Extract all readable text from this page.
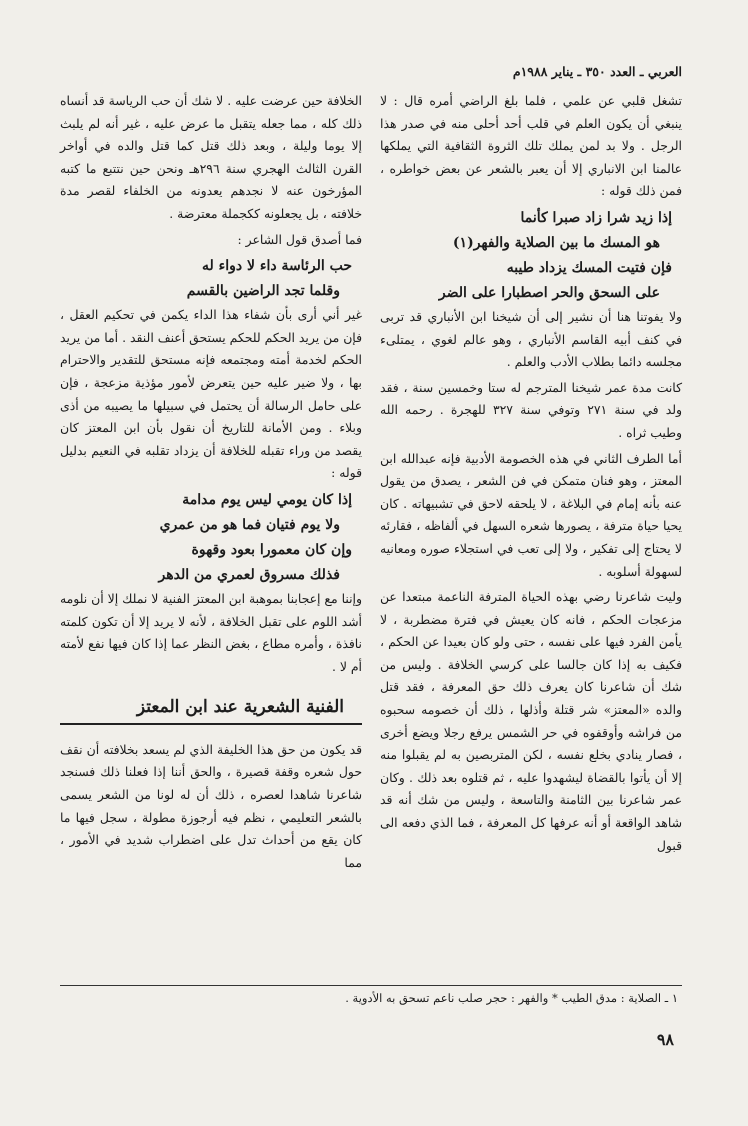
العربي ـ العدد ٣٥٠ ـ يناير ١٩٨٨م

تشغل قلبي عن علمي ، فلما بلغ الراضي أمره قال : لا ينبغي أن يكون العلم في قلب أحد أحلى منه في صدر هذا الرجل . ولا بد لمن يملك تلك الثروة الثقافية التي يملكها عالمنا ابن الانباري إلا أن يعبر بالشعر عن بعض خواطره ، فمن ذلك قوله :

إذا زيد شرا زاد صبرا كأنما
هو المسك ما بين الصلاية والفهر(١)
فإن فتيت المسك يزداد طيبه
على السحق والحر اصطبارا على الضر

ولا يفوتنا هنا أن نشير إلى أن شيخنا ابن الأنباري قد تربى في كنف أبيه القاسم الأنباري ، وهو عالم لغوي ، يمتلىء مجلسه دائما بطلاب الأدب والعلم .

كانت مدة عمر شيخنا المترجم له ستا وخمسين سنة ، فقد ولد في سنة ٢٧١ وتوفي سنة ٣٢٧ للهجرة . رحمه الله وطيب ثراه .

أما الطرف الثاني في هذه الخصومة الأدبية فإنه عبدالله ابن المعتز ، وهو فنان متمكن في فن الشعر ، يصدق من يقول عنه بأنه إمام في البلاغة ، لا يلحقه لاحق في تشبيهاته . كان يحيا حياة مترفة ، يصورها شعره السهل في ألفاظه ، فقارئه لا يحتاج إلى تفكير ، ولا إلى تعب في استجلاء صوره ومعانيه لسهولة أسلوبه .

وليت شاعرنا رضي بهذه الحياة المترفة الناعمة مبتعدا عن مزعجات الحكم ، فانه كان يعيش في فترة مضطربة ، لا يأمن الفرد فيها على نفسه ، حتى ولو كان بعيدا عن الحكم ، فكيف به إذا كان جالسا على كرسي الخلافة . وليس من شك أن شاعرنا كان يعرف ذلك حق المعرفة ، فقد قتل والده «المعتز» شر قتلة وأذلها ، ذلك أن خصومه سحبوه من فراشه وأوقفوه في حر الشمس يرفع رجلا ويضع أخرى ، فصار ينادي بخلع نفسه ، لكن المتربصين به لم يقبلوا منه إلا أن يأتوا بالقضاة ليشهدوا عليه ، ثم قتلوه بعد ذلك . وكان عمر شاعرنا بين الثامنة والتاسعة ، وليس من شك أنه قد شاهد الواقعة أو أنه عرفها كل المعرفة ، فما الذي دفعه الى قبول

الخلافة حين عرضت عليه . لا شك أن حب الرياسة قد أنساه ذلك كله ، مما جعله يتقبل ما عرض عليه ، غير أنه لم يلبث إلا يوما وليلة ، وبعد ذلك قتل كما قتل والده في أواخر القرن الثالث الهجري سنة ٢٩٦هـ ونحن حين نتتبع ما كتبه المؤرخون عنه لا نجدهم يعدونه من الخلفاء لقصر مدة خلافته ، بل يجعلونه ككجملة معترضة .

فما أصدق قول الشاعر :

حب الرئاسة داء لا دواء له
وقلما تجد الراضين بالقسم

غير أني أرى بأن شفاء هذا الداء يكمن في تحكيم العقل ، فإن من يريد الحكم للحكم يستحق أعنف النقد . أما من يريد الحكم لخدمة أمته ومجتمعه فإنه مستحق للتقدير والاحترام بها ، ولا ضير عليه حين يتعرض لأمور مؤذية مزعجة ، فإن على حامل الرسالة أن يحتمل في سبيلها ما يصيبه من أذى وبلاء . ومن الأمانة للتاريخ أن نقول بأن ابن المعتز كان يقصد من وراء تقبله للخلافة أن يزداد تقلبه في النعيم بدليل قوله :

إذا كان يومي ليس يوم مدامة
ولا يوم فتيان فما هو من عمري
وإن كان معمورا بعود وقهوة
فذلك مسروق لعمري من الدهر

وإننا مع إعجابنا بموهبة ابن المعتز الفنية لا نملك إلا أن نلومه أشد اللوم على تقبل الخلافة ، لأنه لا يريد إلا أن تكون كلمته نافذة ، وأمره مطاع ، بغض النظر عما إذا كان فيها نفع لأمته أم لا .

الفنية الشعرية عند ابن المعتز

قد يكون من حق هذا الخليفة الذي لم يسعد بخلافته أن نقف حول شعره وقفة قصيرة ، والحق أننا إذا فعلنا ذلك فسنجد شاعرنا شاهدا لعصره ، ذلك أن له لونا من الشعر يسمى بالشعر التعليمي ، نظم فيه أرجوزة مطولة ، سجل فيها ما كان يقع من أحداث تدل على اضطراب شديد في الأمور ، مما

١ ـ الصلاية : مدق الطيب * والفهر : حجر صلب ناعم تسحق به الأدوية .
٩٨
